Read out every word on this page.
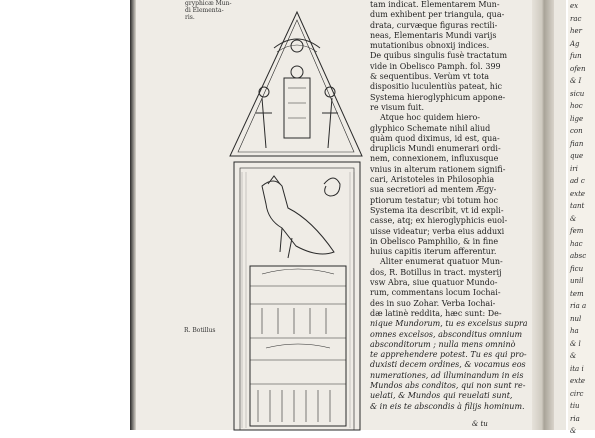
ex
rac
her
Ag
fun
ofen
& I
sicu
hoc
lige
con
fian
que
iri
ad c
exte
tant
&
fem
hac
absc
ficu
unil
tem
ria a
nul
ha
& l
&
ita i
exte
circ
tiu
ria
&
gryphicæ Mun-
di Elementa-
ris.
R. Botillus
tam indicat. Elementarem Mun-
dum exhibent per triangula, qua-
drata, curvæque figuras rectili-
neas, Elementaris Mundi varijs
mutationibus obnoxij indices.
De quibus singulis fusè tractatum
vide in Obelisco Pamph. fol. 399
& sequentibus. Verùm vt tota
dispositio luculentiùs pateat, hic
Systema hieroglyphicum appone-
re visum fuit.
Atque hoc quidem hiero-
glyphico Schemate nihil aliud
quàm quod diximus, id est, qua-
druplicis Mundi enumerari ordi-
nem, connexionem, influxusque
vnius in alterum rationem signifi-
cari, Aristoteles in Philosophia
sua secretiori ad mentem Ægy-
ptiorum testatur; vbi totum hoc
Systema ita describit, vt id expli-
casse, atq; ex hieroglyphicis euol-
uisse videatur; verba eius adduxi
in Obelisco Pamphilio, & in fine
huius capitis iterum afferentur.
Aliter enumerat quatuor Mun-
dos, R. Botillus in tract. mysterij
vsw Abra, siue quatuor Mundo-
rum, commentans locum Iochai-
des in suo Zohar. Verba Iochai-
dæ latinè reddita, hæc sunt: De-
nique Mundorum, tu es excelsus supra
omnes excelsos, absconditus omnium
absconditorum ; nulla mens omninò
te apprehendere potest. Tu es qui pro-
duxisti decem ordines, & vocamus eos
numerationes, ad illuminandum in eis
Mundos abs conditos, qui non sunt re-
uelati, & Mundos qui reuelati sunt,
& in eis te abscondis à filijs hominum.
& tu
